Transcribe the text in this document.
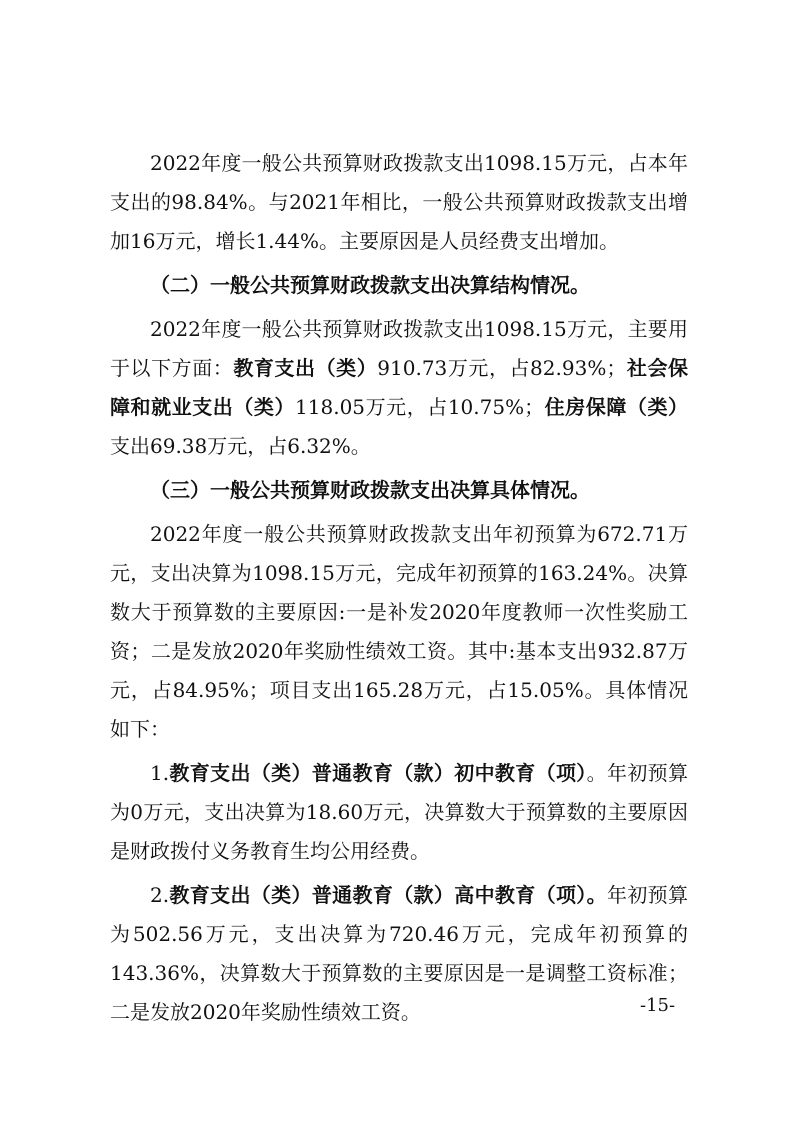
2022年度一般公共预算财政拨款支出1098.15万元，占本年支出的98.84%。与2021年相比，一般公共预算财政拨款支出增加16万元，增长1.44%。主要原因是人员经费支出增加。

（二）一般公共预算财政拨款支出决算结构情况。

2022年度一般公共预算财政拨款支出1098.15万元，主要用于以下方面：教育支出（类）910.73万元，占82.93%；社会保障和就业支出（类）118.05万元，占10.75%；住房保障（类）支出69.38万元，占6.32%。

（三）一般公共预算财政拨款支出决算具体情况。

2022年度一般公共预算财政拨款支出年初预算为672.71万元，支出决算为1098.15万元，完成年初预算的163.24%。决算数大于预算数的主要原因:一是补发2020年度教师一次性奖励工资；二是发放2020年奖励性绩效工资。其中:基本支出932.87万元，占84.95%；项目支出165.28万元，占15.05%。具体情况如下：

1.教育支出（类）普通教育（款）初中教育（项）。年初预算为0万元，支出决算为18.60万元，决算数大于预算数的主要原因是财政拨付义务教育生均公用经费。

2.教育支出（类）普通教育（款）高中教育（项）。年初预算为502.56万元，支出决算为720.46万元，完成年初预算的143.36%，决算数大于预算数的主要原因是一是调整工资标准；二是发放2020年奖励性绩效工资。	-15-
